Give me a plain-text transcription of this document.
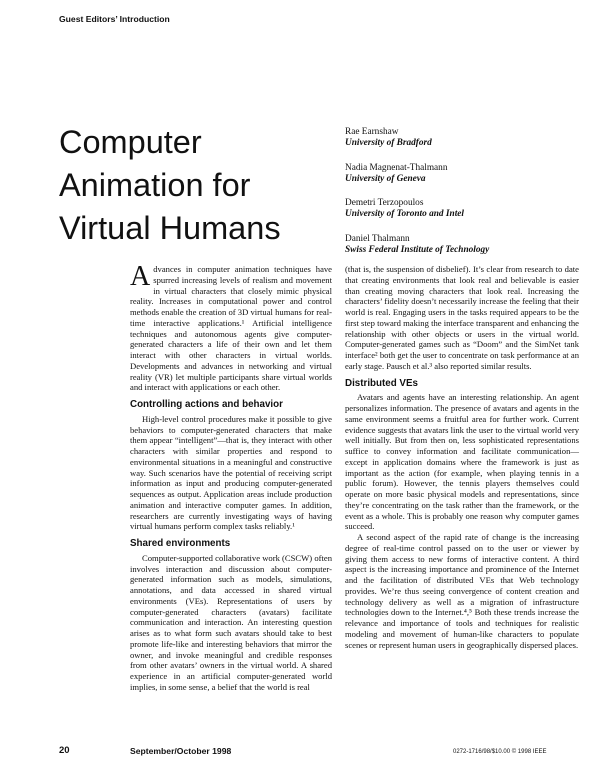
Guest Editors’ Introduction
Computer
Animation for
Virtual Humans
Rae Earnshaw
University of Bradford
Nadia Magnenat-Thalmann
University of Geneva
Demetri Terzopoulos
University of Toronto and Intel
Daniel Thalmann
Swiss Federal Institute of Technology

Advances in computer animation techniques have spurred increasing levels of realism and movement in virtual characters that closely mimic physical reality. Increases in computational power and control methods enable the creation of 3D virtual humans for real-time interactive applications.¹ Artificial intelligence techniques and autonomous agents give computer-generated characters a life of their own and let them interact with other characters in virtual worlds. Developments and advances in networking and virtual reality (VR) let multiple participants share virtual worlds and interact with applications or each other.

Controlling actions and behavior

High-level control procedures make it possible to give behaviors to computer-generated characters that make them appear “intelligent”—that is, they interact with other characters with similar properties and respond to environmental situations in a meaningful and constructive way. Such scenarios have the potential of receiving script information as input and producing computer-generated sequences as output. Application areas include production animation and interactive computer games. In addition, researchers are currently investigating ways of having virtual humans perform complex tasks reliably.¹

Shared environments

Computer-supported collaborative work (CSCW) often involves interaction and discussion about computer-generated information such as models, simulations, annotations, and data accessed in shared virtual environments (VEs). Representations of users by computer-generated characters (avatars) facilitate communication and interaction. An interesting question arises as to what form such avatars should take to best promote life-like and interesting behaviors that mirror the owner, and invoke meaningful and credible responses from other avatars’ owners in the virtual world. A shared experience in an artificial computer-generated world implies, in some sense, a belief that the world is real

(that is, the suspension of disbelief). It’s clear from research to date that creating environments that look real and believable is easier than creating moving characters that look real. Increasing the characters’ fidelity doesn’t necessarily increase the feeling that their world is real. Engaging users in the tasks required appears to be the first step toward making the interface transparent and enhancing the relationship with other objects or users in the virtual world. Computer-generated games such as “Doom” and the SimNet tank interface² both get the user to concentrate on task performance at an early stage. Pausch et al.³ also reported similar results.

Distributed VEs

Avatars and agents have an interesting relationship. An agent personalizes information. The presence of avatars and agents in the same environment seems a fruitful area for further work. Current evidence suggests that avatars link the user to the virtual world very well initially. But from then on, less sophisticated representations suffice to convey information and facilitate communication—except in application domains where the framework is just as important as the action (for example, when playing tennis in a public forum). However, the tennis players themselves could operate on more basic physical models and representations, since they’re concentrating on the task rather than the framework, or the event as a whole. This is probably one reason why computer games succeed.

A second aspect of the rapid rate of change is the increasing degree of real-time control passed on to the user or viewer by giving them access to new forms of interactive content. A third aspect is the increasing importance and prominence of the Internet and the facilitation of distributed VEs that Web technology provides. We’re thus seeing convergence of content creation and technology delivery as well as a migration of infrastructure technologies down to the Internet.⁴,⁵ Both these trends increase the relevance and importance of tools and techniques for realistic modeling and movement of human-like characters to populate scenes or represent human users in geographically dispersed places.

20	September/October 1998	0272-1716/98/$10.00 © 1998 IEEE
